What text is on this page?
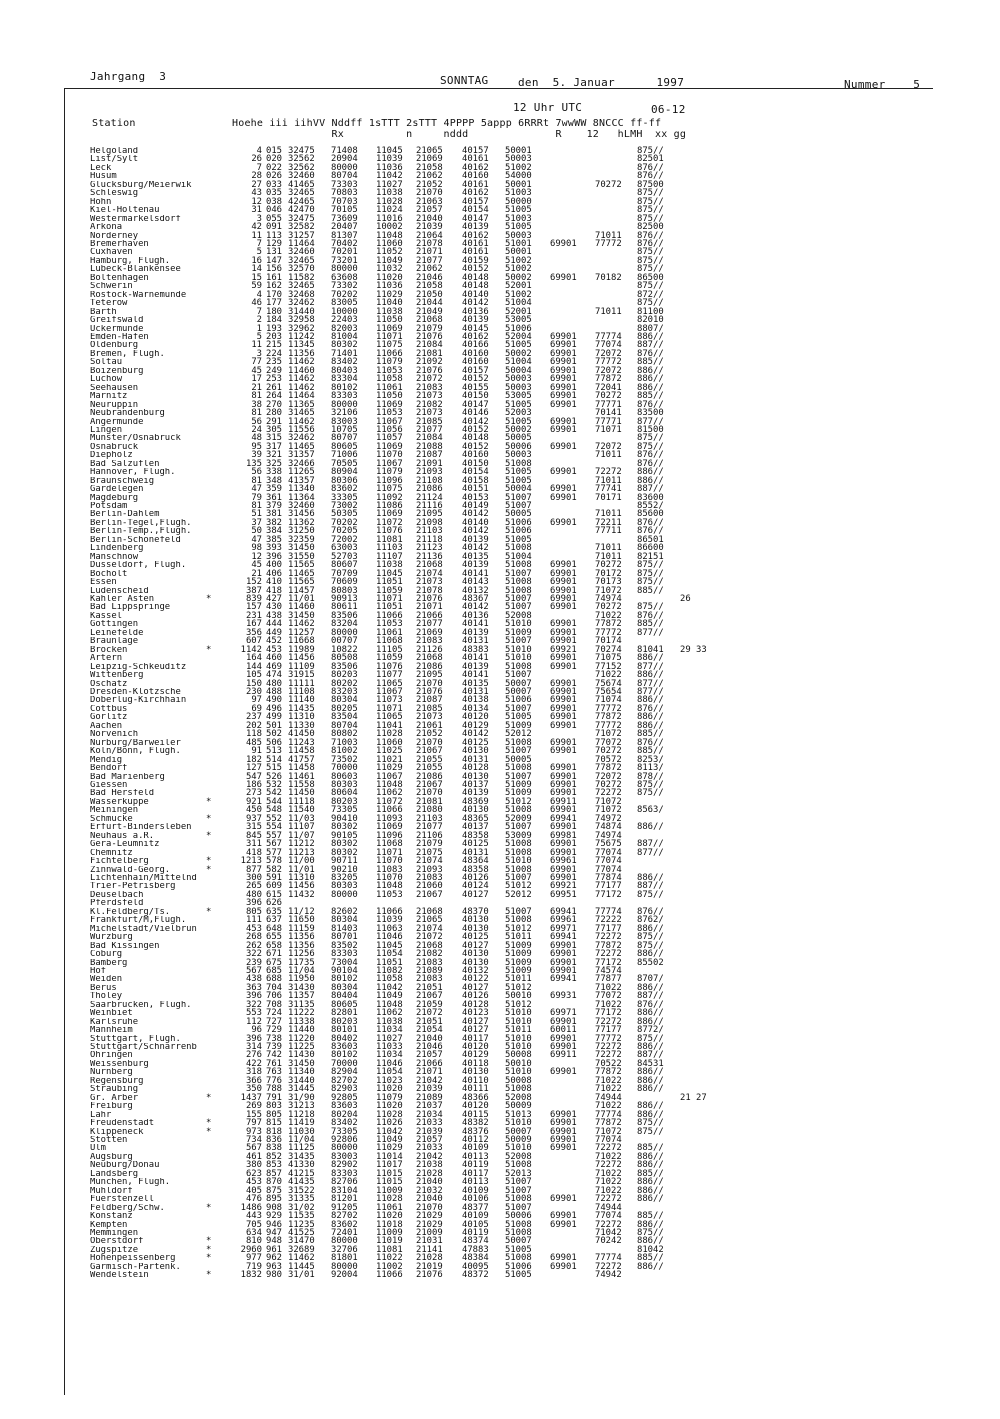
Jahrgang  3	SONNTAG	den  5. Januar      1997	Nummer    5
12 Uhr UTC	06-12
Station	Hoehe iii iihVV Nddff 1sTTT 2sTTT 4PPPP 5appp 6RRRt 7wwWW 8NCCC ff-ff
Rx          n     nddd              R    12   hLMH  xx gg
Helgoland	4 015 32475 71408 11045 21065 40157 50001	875//
List/Sylt	26 020 32562 20904 11039 21069 40161 50003	82501
Leck	7 022 32562 80000 11036 21058 40162 51002	876//
Husum	28 026 32460 80704 11042 21062 40160 54000	876//
Glücksburg/Meierwik	27 033 41465 73303 11027 21052 40161 50001	70272 87500
Schleswig	43 035 32465 70803 11038 21070 40162 51003	875//
Hohn	12 038 42465 70703 11028 21063 40157 50000	875//
Kiel-Holtenau	31 046 42470 70105 11024 21057 40154 51005	875//
Westermarkelsdorf	3 055 32475 73609 11016 21040 40147 51003	875//
Arkona	42 091 32582 20407 10002 21039 40139 51005	82500
Norderney	11 113 31257 81307 11048 21064 40162 50003	71011 876//
Bremerhaven	7 129 11464 70402 11060 21078 40161 51001 69901 77772 876//
Cuxhaven	5 131 32460 70201 11052 21071 40161 50001	875//
Hamburg, Flugh.	16 147 32465 73201 11049 21077 40159 51002	875//
Lübeck-Blankensee	14 156 32570 80000 11032 21062 40152 51002	875//
Boltenhagen	15 161 11582 63608 11020 21046 40148 50002 69901 70182 86500
Schwerin	59 162 32465 73302 11036 21058 40148 52001	875//
Rostock-Warnemünde	4 170 32468 70202 11029 21050 40140 51002	872//
Teterow	46 177 32462 83005 11040 21044 40142 51004	875//
Barth	7 180 31440 10000 11038 21049 40136 52001	71011 81100
Greifswald	2 184 32958 22403 11050 21068 40139 53005	82010
Ückermünde	1 193 32962 82003 11069 21079 40145 51006	8807/
Emden-Hafen	5 203 11242 81004 11071 21076 40162 52004 69901 77774 886//
Oldenburg	11 215 11345 80302 11075 21084 40166 51005 69901 77074 887//
Bremen, Flugh.	3 224 11356 71401 11066 21081 40160 50002 69901 72072 876//
Soltau	77 235 11462 83402 11079 21092 40160 51004 69901 77772 885//
Boizenburg	45 249 11460 80403 11053 21076 40157 50004 69901 72072 886//
Lüchow	17 253 11462 83304 11058 21072 40152 50003 69901 77872 886//
Seehausen	21 261 11462 80102 11061 21083 40155 50003 69901 72041 886//
Marnitz	81 264 11464 83303 11050 21073 40150 53005 69901 70272 885//
Neuruppin	38 270 11365 80000 11069 21082 40147 51005 69901 77771 876//
Neubrandenburg	81 280 31465 32106 11053 21073 40146 52003	70141 83500
Angermünde	56 291 11462 83003 11067 21085 40142 51005 69901 77771 877//
Lingen	24 305 11556 10705 11056 21077 40152 50002 69901 71071 81500
Münster/Osnabrück	48 315 32462 80707 11057 21084 40148 50005	875//
Osnabrück	95 317 11465 80605 11069 21088 40152 50006 69901 72072 875//
Diepholz	39 321 31357 71006 11070 21087 40160 50003	71011 876//
Bad Salzuflen	135 325 32466 70505 11067 21091 40150 51008	876//
Hannover, Flugh.	56 338 11265 80904 11079 21093 40154 51005 69901 72272 886//
Braunschweig	81 348 41357 80306 11096 21108 40158 51005	71011 886//
Gardelegen	47 359 11340 83602 11075 21086 40151 50004 69901 77741 887//
Magdeburg	79 361 11364 33305 11092 21124 40153 51007 69901 70171 83600
Potsdam	81 379 32460 73002 11086 21116 40149 51007	8552/
Berlin-Dahlem	51 381 31456 50305 11069 21095 40142 50005	71011 85600
Berlin-Tegel,Flugh.	37 382 11362 70202 11072 21098 40140 51006 69901 72211 876//
Berlin-Temp.,Flugh.	50 384 31250 70205 11076 21103 40142 51006	77711 876//
Berlin-Schönefeld	47 385 32359 72002 11081 21118 40139 51005	86501
Lindenberg	98 393 31450 63003 11103 21123 40142 51008	71011 86600
Manschnow	12 396 31550 52703 11107 21136 40135 51004	71011 82151
Düsseldorf, Flugh.	45 400 11565 80607 11038 21068 40139 51008 69901 70272 875//
Bocholt	21 406 11465 70709 11045 21074 40141 51007 69901 70172 875//
Essen	152 410 11565 70609 11051 21073 40143 51008 69901 70173 875//
Lüdenscheid	387 418 11457 80803 11059 21078 40132 51008 69901 71072 885//
Kahler Asten	*	839 427 11/01 90913 11071 21076 48367 51007 69901 74974	26
Bad Lippspringe	157 430 11460 80611 11051 21071 40142 51007 69901 70272 875//
Kassel	231 438 31450 83506 11066 21066 40136 52008	71022 876//
Göttingen	167 444 11462 83204 11053 21077 40141 51010 69901 77872 885//
Leinefelde	356 449 11257 80000 11061 21069 40139 51009 69901 77772 877//
Braunlage	607 452 11668 00707 11068 21083 40131 51007 69901 70174
Brocken	*	1142 453 11989 10822 11105 21126 48383 51010 69921 70274 81041 29 33
Artern	164 460 11456 80508 11059 21068 40141 51010 69901 71075 886//
Leipzig-Schkeuditz	144 469 11109 83506 11076 21086 40139 51008 69901 77152 877//
Wittenberg	105 474 31915 80203 11077 21095 40141 51007	71022 886//
Oschatz	150 480 11111 80202 11065 21070 40135 50007 69901 75674 877//
Dresden-Klotzsche	230 488 11108 83203 11067 21076 40131 50007 69901 75654 877//
Doberlug-Kirchhain	97 490 11140 80304 11073 21087 40138 51006 69901 71074 886//
Cottbus	69 496 11435 80205 11071 21085 40134 51007 69901 77772 876//
Görlitz	237 499 11310 83504 11065 21073 40120 51005 69901 77872 886//
Aachen	202 501 11330 80704 11041 21061 40129 51009 69901 77772 886//
Nörvenich	118 502 41450 80802 11028 21052 40142 52012	71072 885//
Nürburg/Barweiler	485 506 11243 71003 11060 21070 40125 51008 69901 77072 876//
Köln/Bonn, Flugh.	91 513 11458 81002 11025 21067 40130 51007 69901 70272 885//
Mendig	182 514 41757 73502 11021 21055 40131 50005	70572 8253/
Bendorf	127 515 11458 70000 11029 21055 40128 51008 69901 77872 8113/
Bad Marienberg	547 526 11461 80603 11067 21086 40130 51007 69901 72072 878//
Giessen	186 532 11558 80303 11048 21067 40137 51009 69901 70272 875//
Bad Hersfeld	273 542 11450 80604 11062 21070 40139 51009 69901 72272 875//
Wasserkuppe	*	921 544 11118 80203 11072 21081 48369 51012 69911 71072
Meiningen	450 548 11540 73305 11066 21080 40130 51008 69901 71072 8563/
Schmücke	*	937 552 11/03 90410 11093 21103 48365 52009 69941 74972
Erfurt-Bindersleben	315 554 11107 80302 11069 21077 40137 51007 69901 74874 886//
Neuhaus a.R.	*	845 557 11/07 90105 11096 21106 48358 53009 69981 74974
Gera-Leumnitz	311 567 11212 80302 11068 21079 40125 51008 69901 75675 887//
Chemnitz	418 577 11213 80302 11071 21075 40131 51008 69901 77074 877//
Fichtelberg	*	1213 578 11/00 90711 11070 21074 48364 51010 69961 77074
Zinnwald-Georg.	*	877 582 11/01 90210 11083 21093 48358 51008 69901 77074
Lichtenhain/Mittelnd	300 591 11310 83205 11070 21083 40126 51007 69901 77874 886//
Trier-Petrisberg	265 609 11456 80303 11048 21060 40124 51012 69921 77177 887//
Deuselbach	480 615 11432 80000 11053 21067 40127 52012 69951 77172 875//
Pferdsfeld	396 626
Kl.Feldberg/Ts.	*	805 635 11/12 82602 11066 21068 48370 51007 69941 77774 876//
Frankfurt/M,Flugh.	111 637 11650 80304 11039 21065 40130 51008 69961 72222 8762/
Michelstadt/Vielbrun	453 648 11159 81403 11063 21074 40130 51012 69971 77177 886//
Würzburg	268 655 11356 80701 11046 21072 40125 51011 69941 72272 875//
Bad Kissingen	262 658 11356 83502 11045 21068 40127 51009 69901 77872 875//
Coburg	322 671 11256 83303 11054 21082 40130 51009 69901 72272 886//
Bamberg	239 675 11735 73004 11051 21083 40130 51009 69901 77172 85502
Hof	567 685 11/04 90104 11082 21089 40132 51009 69901 74574
Weiden	438 688 11950 80102 11058 21083 40122 51011 69941 77877 8707/
Berus	363 704 31430 80304 11042 21051 40127 51012	71022 886//
Tholey	396 706 11357 80404 11049 21067 40126 50010 69931 77072 887//
Saarbrücken, Flugh.	322 708 31135 80605 11048 21059 40128 51012	71022 876//
Weinbiet	553 724 11222 82801 11062 21072 40123 51010 69971 77172 886//
Karlsruhe	112 727 11338 80203 11038 21051 40127 51010 69901 72272 886//
Mannheim	96 729 11440 80101 11034 21054 40127 51011 60011 77177 8772/
Stuttgart, Flugh.	396 738 11220 80402 11027 21040 40117 51010 69901 77772 875//
Stuttgart/Schnarrenb	314 739 11225 83603 11033 21046 40120 51010 69901 72272 886//
Öhringen	276 742 11430 80102 11034 21057 40129 50008 69911 72272 887//
Weissenburg	422 761 31450 70000 11046 21066 40118 50010	70522 84531
Nürnberg	318 763 11340 82904 11054 21071 40130 51010 69901 77872 886//
Regensburg	366 776 31440 82702 11023 21042 40110 50008	71022 886//
Straubing	350 788 31445 82903 11020 21039 40111 51008	71022 886//
Gr. Arber	*	1437 791 31/90 92805 11079 21089 48366 52008	74944	21 27
Freiburg	269 803 31213 83603 11020 21037 40120 50009	71022 886//
Lahr	155 805 11218 80204 11028 21034 40115 51013 69901 77774 886//
Freudenstadt	*	797 815 11419 83402 11026 21033 48382 51010 69901 77872 875//
Klippeneck	*	973 818 11030 73305 11042 21039 48376 50007 69901 71072 875//
Stötten	734 836 11/04 92806 11049 21057 40112 50009 69901 77074
Ulm	567 838 11125 80000 11029 21033 40109 51010 69901 72272 885//
Augsburg	461 852 31435 83003 11014 21042 40113 52008	71022 886//
Neuburg/Donau	380 853 41330 82902 11017 21038 40119 51008	72272 886//
Landsberg	623 857 41215 83303 11015 21028 40117 52013	71022 885//
München, Flugh.	453 870 41435 82706 11015 21040 40113 51007	71022 886//
Mühldorf	405 875 31522 83104 11009 21032 40109 51007	71022 886//
Fuerstenzell	476 895 31335 81201 11028 21040 40106 51008 69901 72272 886//
Feldberg/Schw.	*	1486 908 31/02 91205 11061 21070 48377 51007	74944
Konstanz	443 929 11535 82702 11020 21029 40109 50006 69901 77074 885//
Kempten	705 946 11235 83602 11018 21029 40105 51008 69901 72272 886//
Memmingen	634 947 41525 72401 11009 21009 40119 51008	71042 875//
Oberstdorf	*	810 948 31470 80000 11019 21031 48374 50007	70242 886//
Zugspitze	*	2960 961 32689 32706 11081 21141 47883 51005	81042
Hohenpeissenberg	*	977 962 11462 81801 11022 21028 48384 51008 69901 77774 885//
Garmisch-Partenk.	719 963 11445 80000 11002 21019 40095 51006 69901 72272 886//
Wendelstein	*	1832 980 31/01 92004 11066 21076 48372 51005	74942
